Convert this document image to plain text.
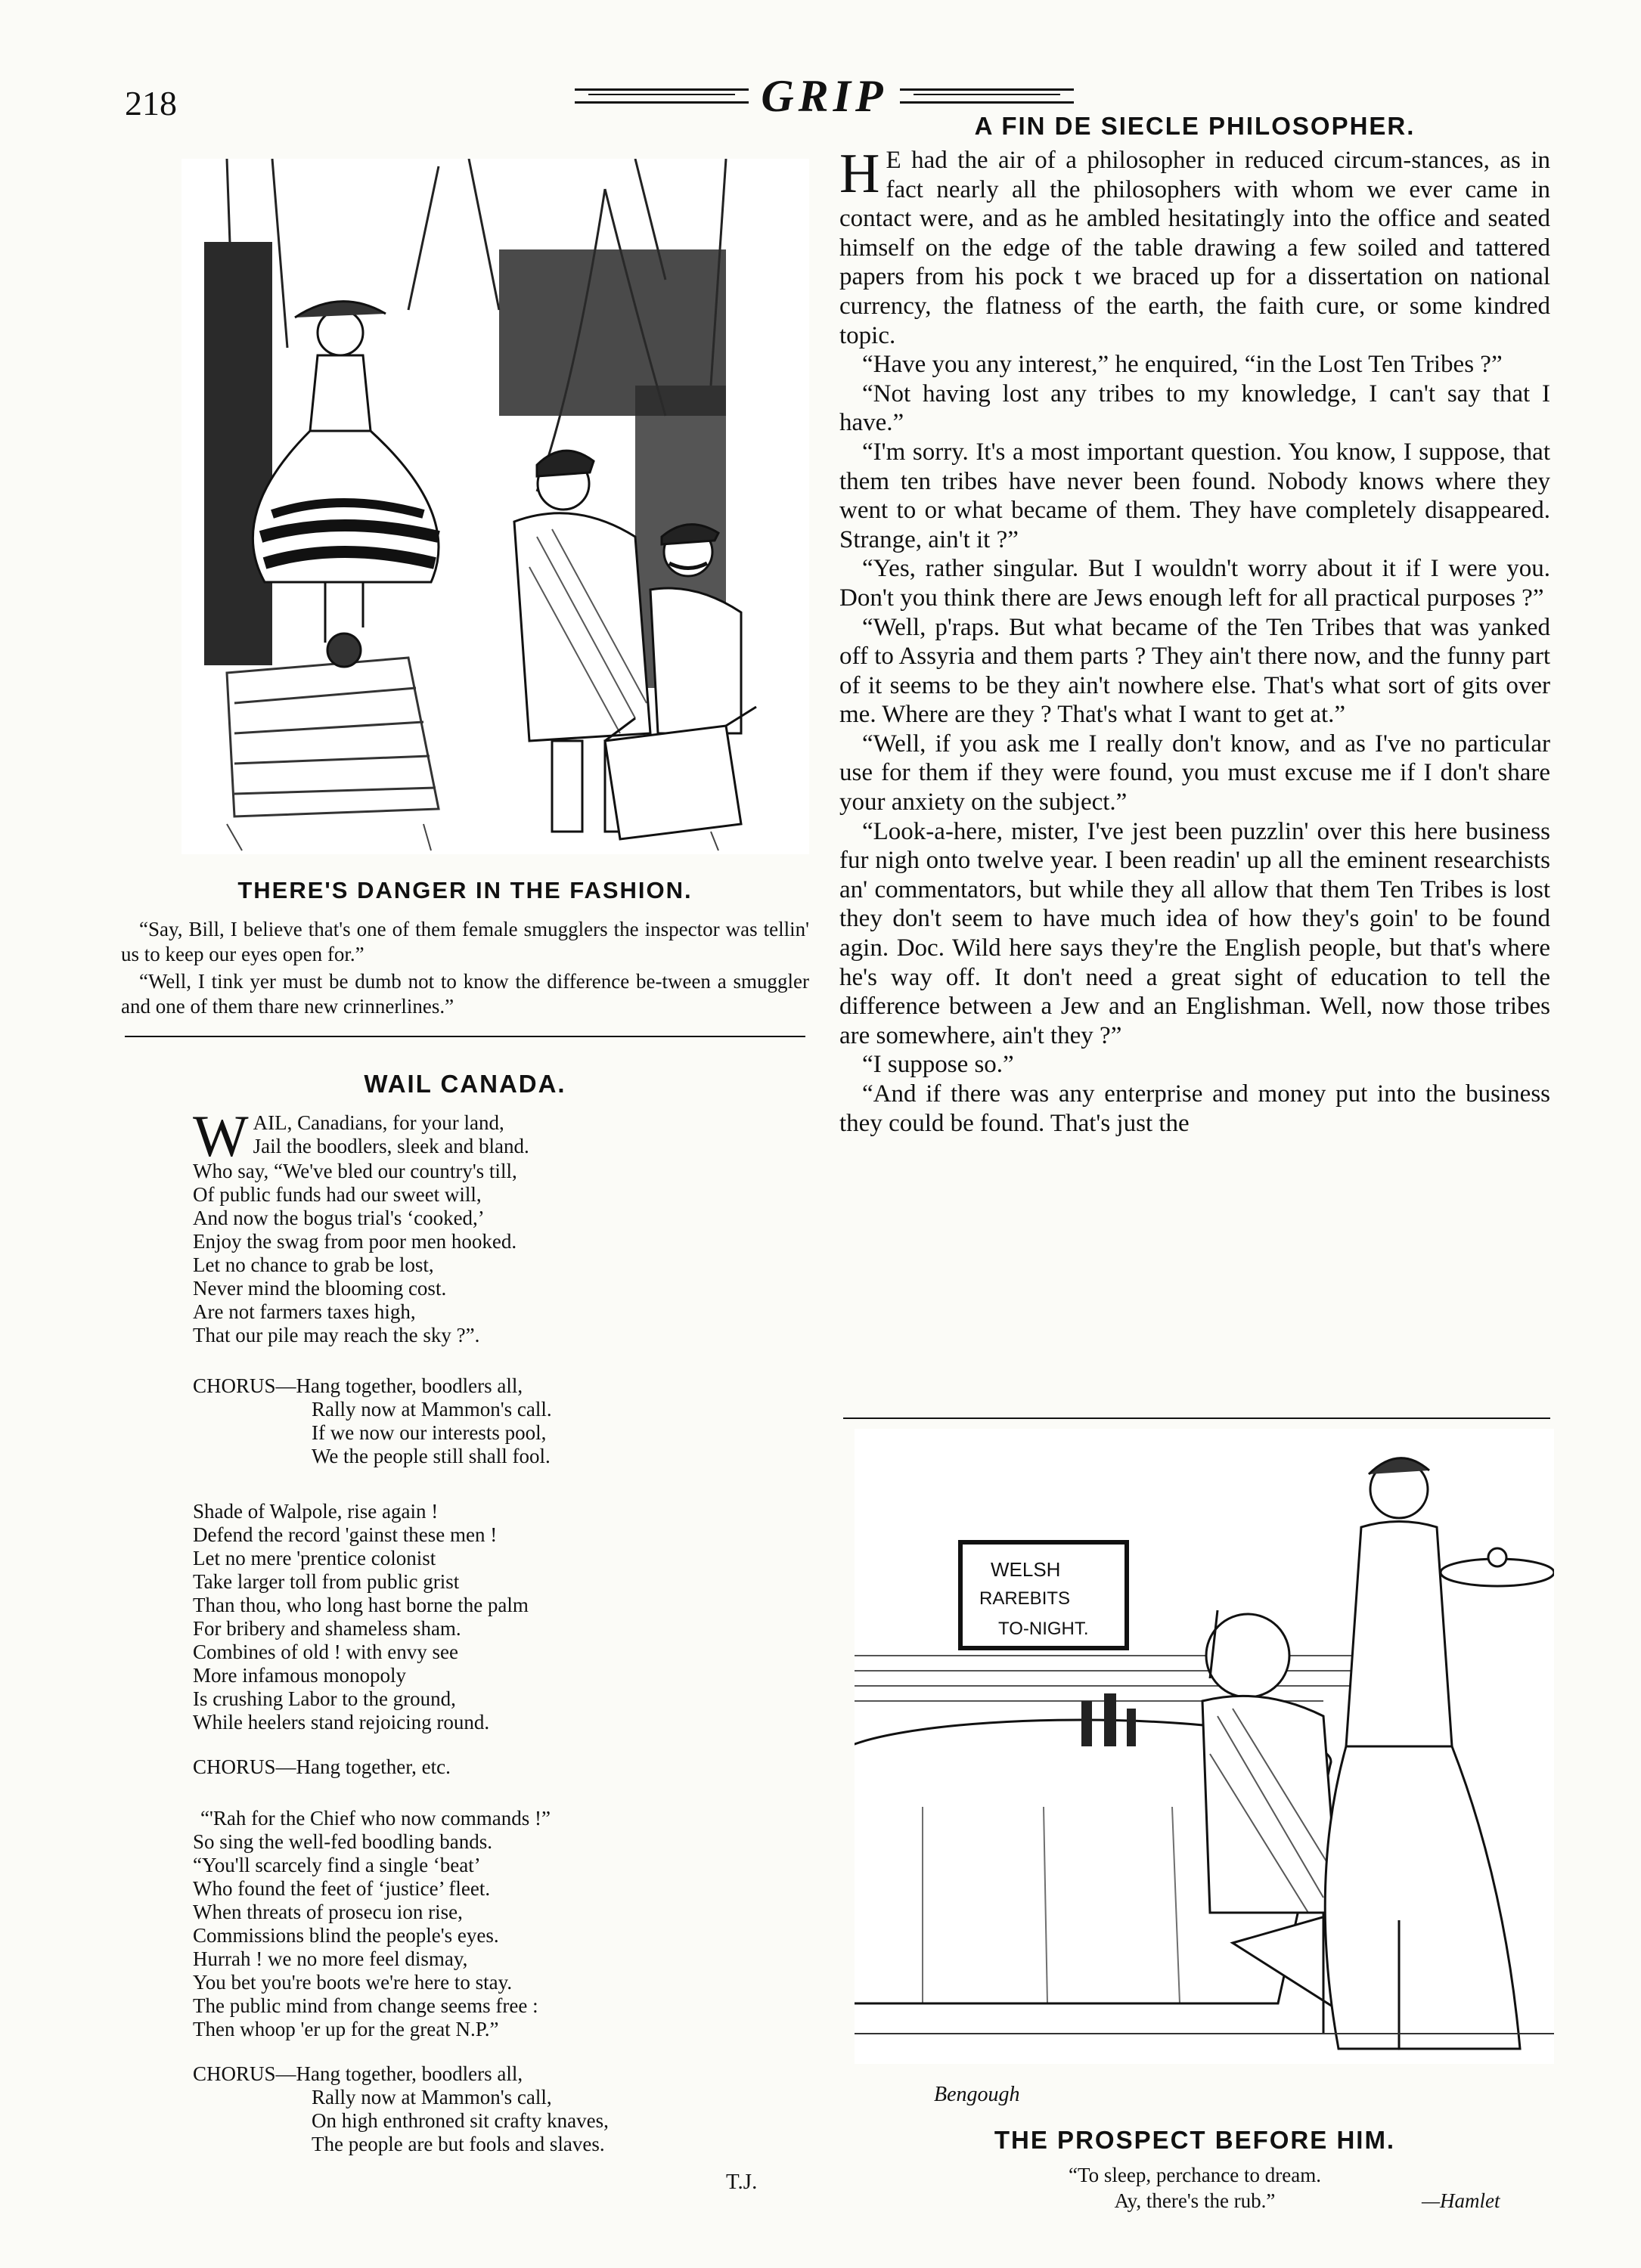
218	GRIP
THERE'S DANGER IN THE FASHION.
“Say, Bill, I believe that's one of them female smugglers the inspector was tellin' us to keep our eyes open for.”
“Well, I tink yer must be dumb not to know the difference be-tween a smuggler and one of them thare new crinnerlines.”
WAIL CANADA.
W AIL, Canadians, for your land,
Jail the boodlers, sleek and bland.
Who say, “We've bled our country's till,
Of public funds had our sweet will,
And now the bogus trial's ‘cooked,’
Enjoy the swag from poor men hooked.
Let no chance to grab be lost,
Never mind the blooming cost.
Are not farmers taxes high,
That our pile may reach the sky ?”.
CHORUS—Hang together, boodlers all,
Rally now at Mammon's call.
If we now our interests pool,
We the people still shall fool.
Shade of Walpole, rise again !
Defend the record 'gainst these men !
Let no mere 'prentice colonist
Take larger toll from public grist
Than thou, who long hast borne the palm
For bribery and shameless sham.
Combines of old ! with envy see
More infamous monopoly
Is crushing Labor to the ground,
While heelers stand rejoicing round.
CHORUS—Hang together, etc.
“'Rah for the Chief who now commands !”
So sing the well-fed boodling bands.
“You'll scarcely find a single ‘beat’
Who found the feet of ‘justice’ fleet.
When threats of prosecu ion rise,
Commissions blind the people's eyes.
Hurrah ! we no more feel dismay,
You bet you're boots we're here to stay.
The public mind from change seems free :
Then whoop 'er up for the great N.P.”
CHORUS—Hang together, boodlers all,
Rally now at Mammon's call,
On high enthroned sit crafty knaves,
The people are but fools and slaves.
T.J.
A FIN DE SIECLE PHILOSOPHER.

H E had the air of a philosopher in reduced circum-stances, as in fact nearly all the philosophers with whom we ever came in contact were, and as he ambled hesitatingly into the office and seated himself on the edge of the table drawing a few soiled and tattered papers from his pock t we braced up for a dissertation on national currency, the flatness of the earth, the faith cure, or some kindred topic.

“Have you any interest,” he enquired, “in the Lost Ten Tribes ?”

“Not having lost any tribes to my knowledge, I can't say that I have.”

“I'm sorry. It's a most important question. You know, I suppose, that them ten tribes have never been found. Nobody knows where they went to or what became of them. They have completely disappeared. Strange, ain't it ?”

“Yes, rather singular. But I wouldn't worry about it if I were you. Don't you think there are Jews enough left for all practical purposes ?”

“Well, p'raps. But what became of the Ten Tribes that was yanked off to Assyria and them parts ? They ain't there now, and the funny part of it seems to be they ain't nowhere else. That's what sort of gits over me. Where are they ? That's what I want to get at.”

“Well, if you ask me I really don't know, and as I've no particular use for them if they were found, you must excuse me if I don't share your anxiety on the subject.”

“Look-a-here, mister, I've jest been puzzlin' over this here business fur nigh onto twelve year. I been readin' up all the eminent researchists an' commentators, but while they all allow that them Ten Tribes is lost they don't seem to have much idea of how they's goin' to be found agin. Doc. Wild here says they're the English people, but that's where he's way off. It don't need a great sight of education to tell the difference between a Jew and an Englishman. Well, now those tribes are somewhere, ain't they ?”

“I suppose so.”

“And if there was any enterprise and money put into the business they could be found. That's just the

WELSH
RAREBITS
TO-NIGHT.
Bengough
THE PROSPECT BEFORE HIM.
“To sleep, perchance to dream.
Ay, there's the rub.”	—Hamlet
